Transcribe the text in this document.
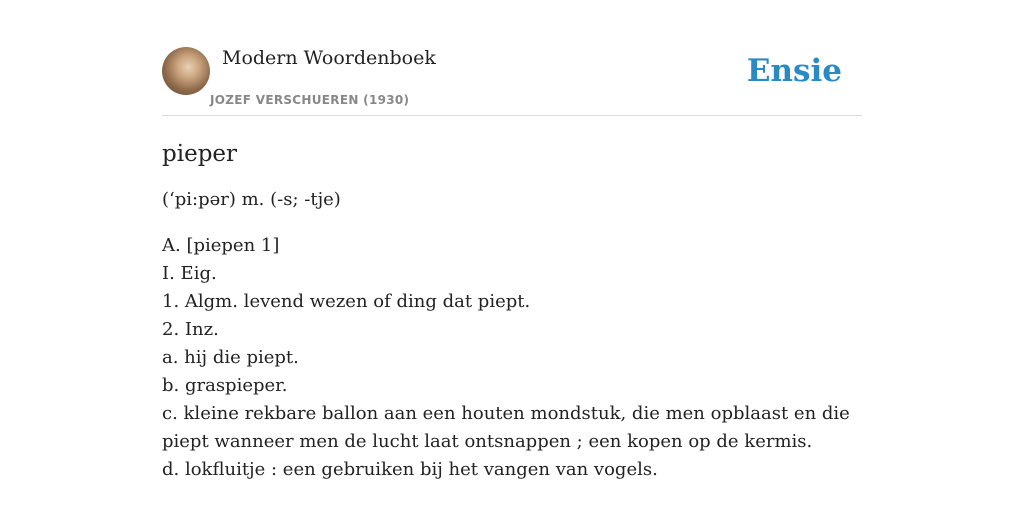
Modern Woordenboek
JOZEF VERSCHUEREN (1930)
Ensie
pieper

(ʻpi:pər) m. (-s; -tje)

A. [piepen 1]

I. Eig.

1. Algm. levend wezen of ding dat piept.

2. Inz.

a. hij die piept.

b. graspieper.

c. kleine rekbare ballon aan een houten mondstuk, die men opblaast en die piept wanneer men de lucht laat ontsnappen ; een kopen op de kermis.

d. lokfluitje : een gebruiken bij het vangen van vogels.
